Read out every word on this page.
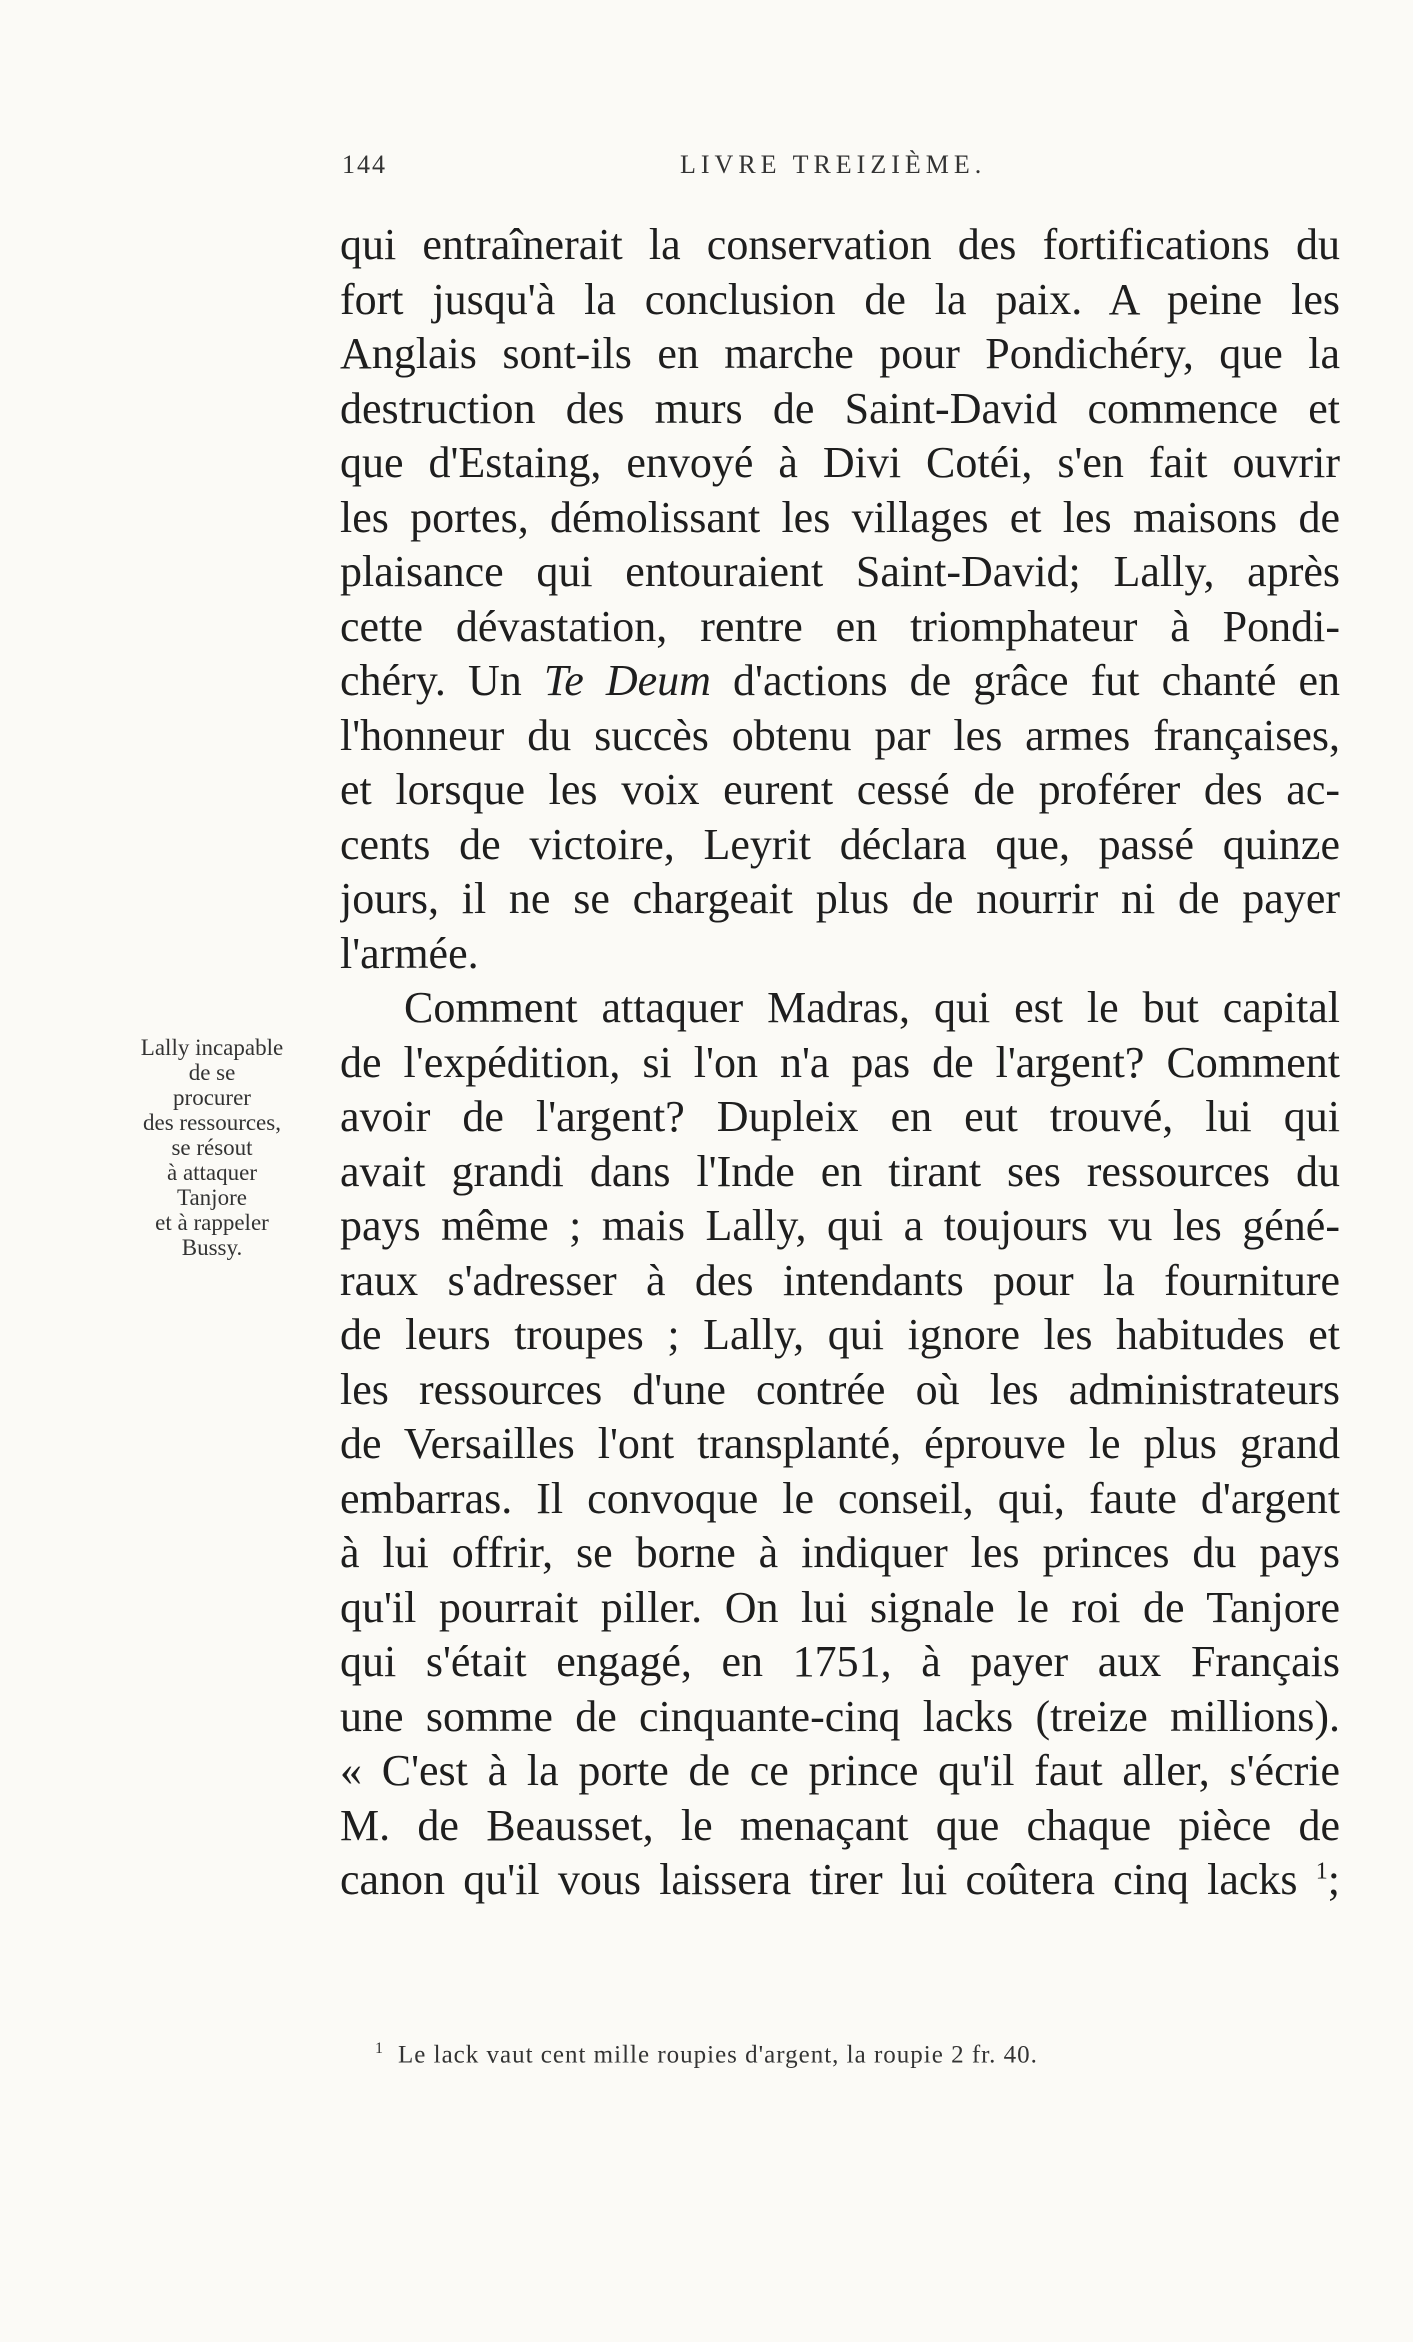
144	LIVRE TREIZIÈME.
Lally incapable
de se
procurer
des ressources,
se résout
à attaquer
Tanjore
et à rappeler
Bussy.
qui entraînerait la conservation des fortifications du
fort jusqu'à la conclusion de la paix. A peine les
Anglais sont-ils en marche pour Pondichéry, que la
destruction des murs de Saint-David commence et
que d'Estaing, envoyé à Divi Cotéi, s'en fait ouvrir
les portes, démolissant les villages et les maisons de
plaisance qui entouraient Saint-David; Lally, après
cette dévastation, rentre en triomphateur à Pondi-
chéry. Un Te Deum d'actions de grâce fut chanté en
l'honneur du succès obtenu par les armes françaises,
et lorsque les voix eurent cessé de proférer des ac-
cents de victoire, Leyrit déclara que, passé quinze
jours, il ne se chargeait plus de nourrir ni de payer
l'armée.
Comment attaquer Madras, qui est le but capital
de l'expédition, si l'on n'a pas de l'argent? Comment
avoir de l'argent? Dupleix en eut trouvé, lui qui
avait grandi dans l'Inde en tirant ses ressources du
pays même ; mais Lally, qui a toujours vu les géné-
raux s'adresser à des intendants pour la fourniture
de leurs troupes ; Lally, qui ignore les habitudes et
les ressources d'une contrée où les administrateurs
de Versailles l'ont transplanté, éprouve le plus grand
embarras. Il convoque le conseil, qui, faute d'argent
à lui offrir, se borne à indiquer les princes du pays
qu'il pourrait piller. On lui signale le roi de Tanjore
qui s'était engagé, en 1751, à payer aux Français
une somme de cinquante-cinq lacks (treize millions).
« C'est à la porte de ce prince qu'il faut aller, s'écrie
M. de Beausset, le menaçant que chaque pièce de
canon qu'il vous laissera tirer lui coûtera cinq lacks $^1$;
$^1$ Le lack vaut cent mille roupies d'argent, la roupie 2 fr. 40.
